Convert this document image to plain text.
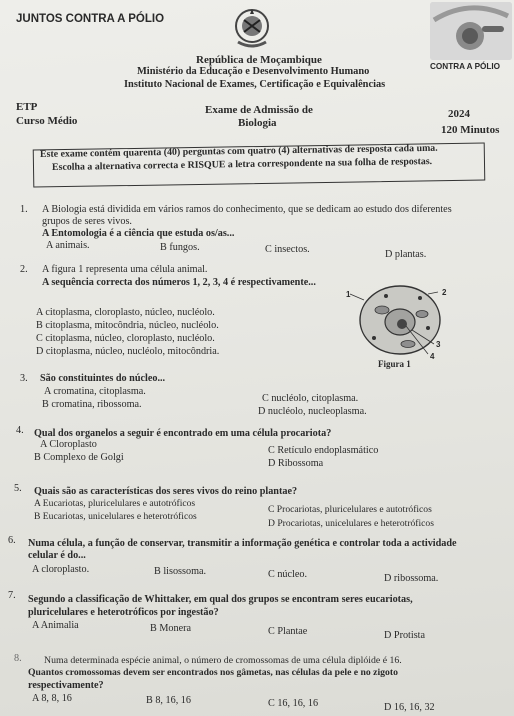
JUNTOS CONTRA A PÓLIO
CONTRA A PÓLIO
República de Moçambique
Ministério da Educação e Desenvolvimento Humano
Instituto Nacional de Exames, Certificação e Equivalências
ETP
Curso Médio
Exame de Admissão de
Biologia
2024
120 Minutos
Este exame contém quarenta (40) perguntas com quatro (4) alternativas de resposta cada uma.
Escolha a alternativa correcta e RISQUE a letra correspondente na sua folha de respostas.
1. A Biologia está dividida em vários ramos do conhecimento, que se dedicam ao estudo dos diferentes
grupos de seres vivos.
A Entomologia é a ciência que estuda os/as...
A animais.	B fungos.	C insectos.	D plantas.
2. A figura 1 representa uma célula animal.
A sequência correcta dos números 1, 2, 3, 4 é respectivamente...
A citoplasma, cloroplasto, núcleo, nucléolo.
B citoplasma, mitocôndria, núcleo, nucléolo.
C citoplasma, núcleo, cloroplasto, nucléolo.
D citoplasma, núcleo, nucléolo, mitocôndria.
1	2
3
4
Figura 1
3. São constituintes do núcleo...
A cromatina, citoplasma.
B cromatina, ribossoma.
C nucléolo, citoplasma.
D nucléolo, nucleoplasma.
4. Qual dos organelos a seguir é encontrado em uma célula procariota?
A Cloroplasto
B Complexo de Golgi
C Retículo endoplasmático
D Ribossoma
5. Quais são as características dos seres vivos do reino plantae?
A Eucariotas, pluricelulares e autotróficos
B Eucariotas, unicelulares e heterotróficos
C Procariotas, pluricelulares e autotróficos
D Procariotas, unicelulares e heterotróficos
6. Numa célula, a função de conservar, transmitir a informação genética e controlar toda a actividade
celular é do...
A cloroplasto.	B lisossoma.	C núcleo.	D ribossoma.
7. Segundo a classificação de Whittaker, em qual dos grupos se encontram seres eucariotas,
pluricelulares e heterotróficos por ingestão?
A Animalia	B Monera	C Plantae	D Protista
8. Numa determinada espécie animal, o número de cromossomas de uma célula diplóide é 16.
Quantos cromossomas devem ser encontrados nos gâmetas, nas células da pele e no zigoto
respectivamente?
A 8, 8, 16	B 8, 16, 16	C 16, 16, 16	D 16, 16, 32
